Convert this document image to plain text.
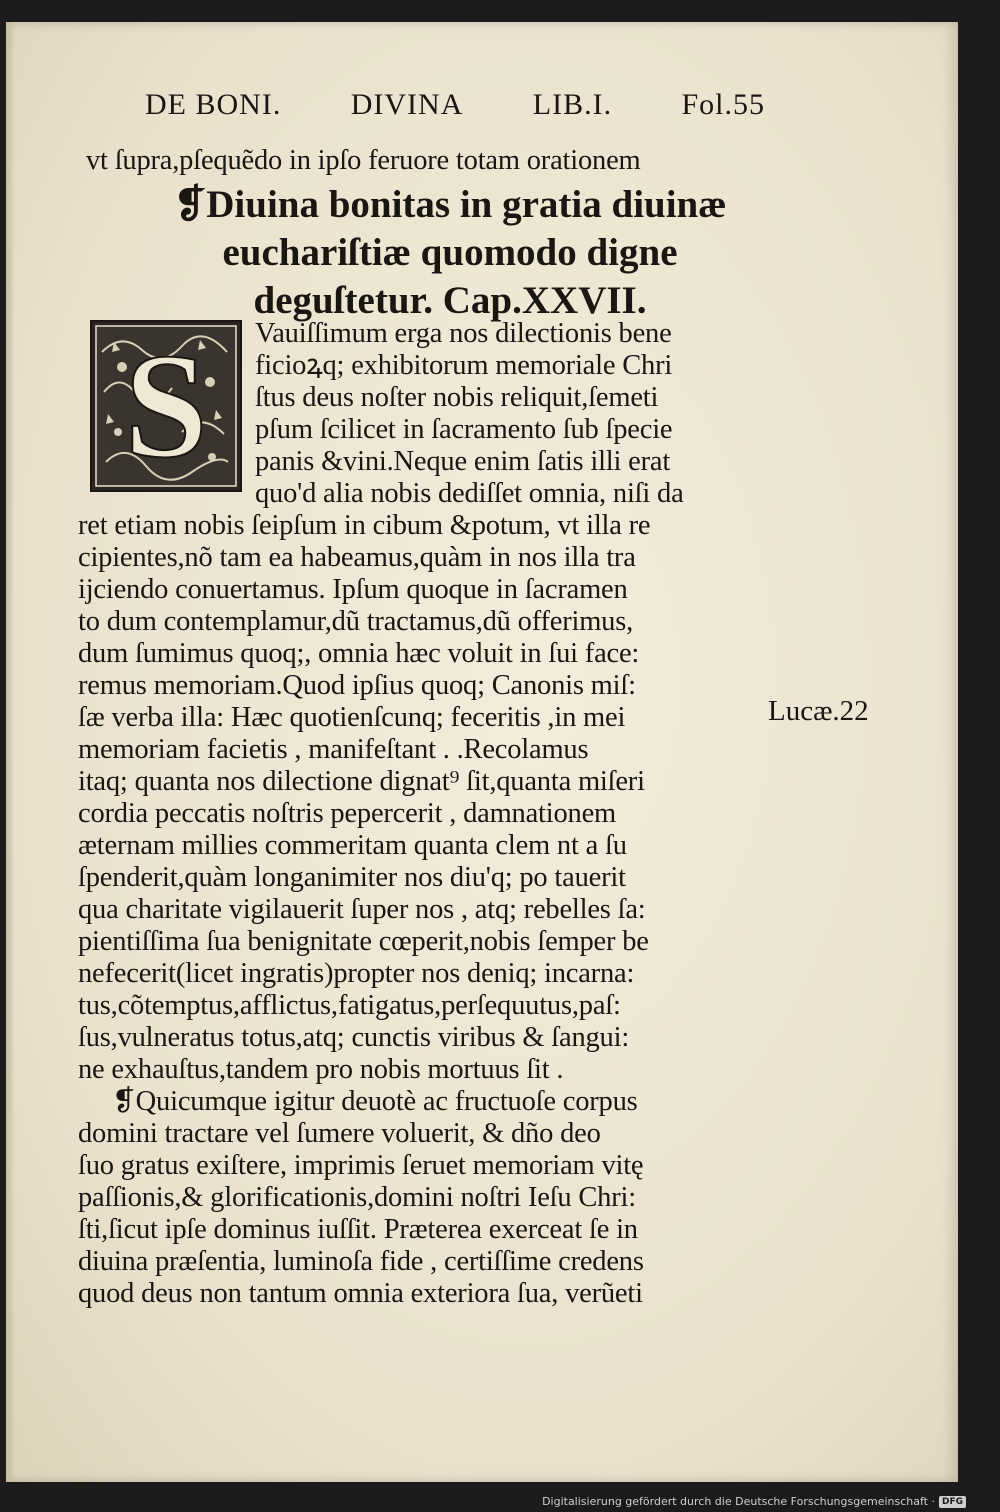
DE BONI. DIVINA LIB.I. Fol.55
vt ſupra,pſequẽdo in ipſo feruore totam orationem
❡Diuina bonitas in gratia diuinæ
euchariſtiæ quomodo digne
deguſtetur. Cap.XXVII.
S	Vauiſſimum erga nos dilectionis bene
ficioꝝq; exhibitorum memoriale Chri
ſtus deus noſter nobis reliquit,ſemeti
pſum ſcilicet in ſacramento ſub ſpecie
panis &vini.Neque enim ſatis illi erat
quo'd alia nobis dediſſet omnia, niſi da
ret etiam nobis ſeipſum in cibum &potum, vt illa re
cipientes,nõ tam ea habeamus,quàm in nos illa tra
ijciendo conuertamus. Ipſum quoque in ſacramen
to dum contemplamur,dũ tractamus,dũ offerimus,
dum ſumimus quoq;, omnia hæc voluit in ſui face:
remus memoriam.Quod ipſius quoq; Canonis miſ:
ſæ verba illa: Hæc quotienſcunq; feceritis ,in mei
memoriam facietis , manifeſtant . .Recolamus
itaq; quanta nos dilectione dignat⁹ ſit,quanta miſeri
cordia peccatis noſtris pepercerit , damnationem
æternam millies commeritam quanta clem nt a ſu
ſpenderit,quàm longanimiter nos diu'q; po tauerit
qua charitate vigilauerit ſuper nos , atq; rebelles ſa:
pientiſſima ſua benignitate cœperit,nobis ſemper be
nefecerit(licet ingratis)propter nos deniq; incarna:
tus,cõtemptus,afflictus,fatigatus,perſequutus,paſ:
ſus,vulneratus totus,atq; cunctis viribus & ſangui:
ne exhauſtus,tandem pro nobis mortuus ſit .
❡Quicumque igitur deuotè ac fructuoſe corpus
domini tractare vel ſumere voluerit, & dño deo
ſuo gratus exiſtere, imprimis ſeruet memoriam vitę
paſſionis,& glorificationis,domini noſtri Ieſu Chri:
ſti,ſicut ipſe dominus iuſſit. Præterea exerceat ſe in
diuina præſentia, luminoſa fide , certiſſime credens
quod deus non tantum omnia exteriora ſua, verũeti
Lucæ.22
Digitalisierung gefördert durch die Deutsche Forschungsgemeinschaft · DFG
